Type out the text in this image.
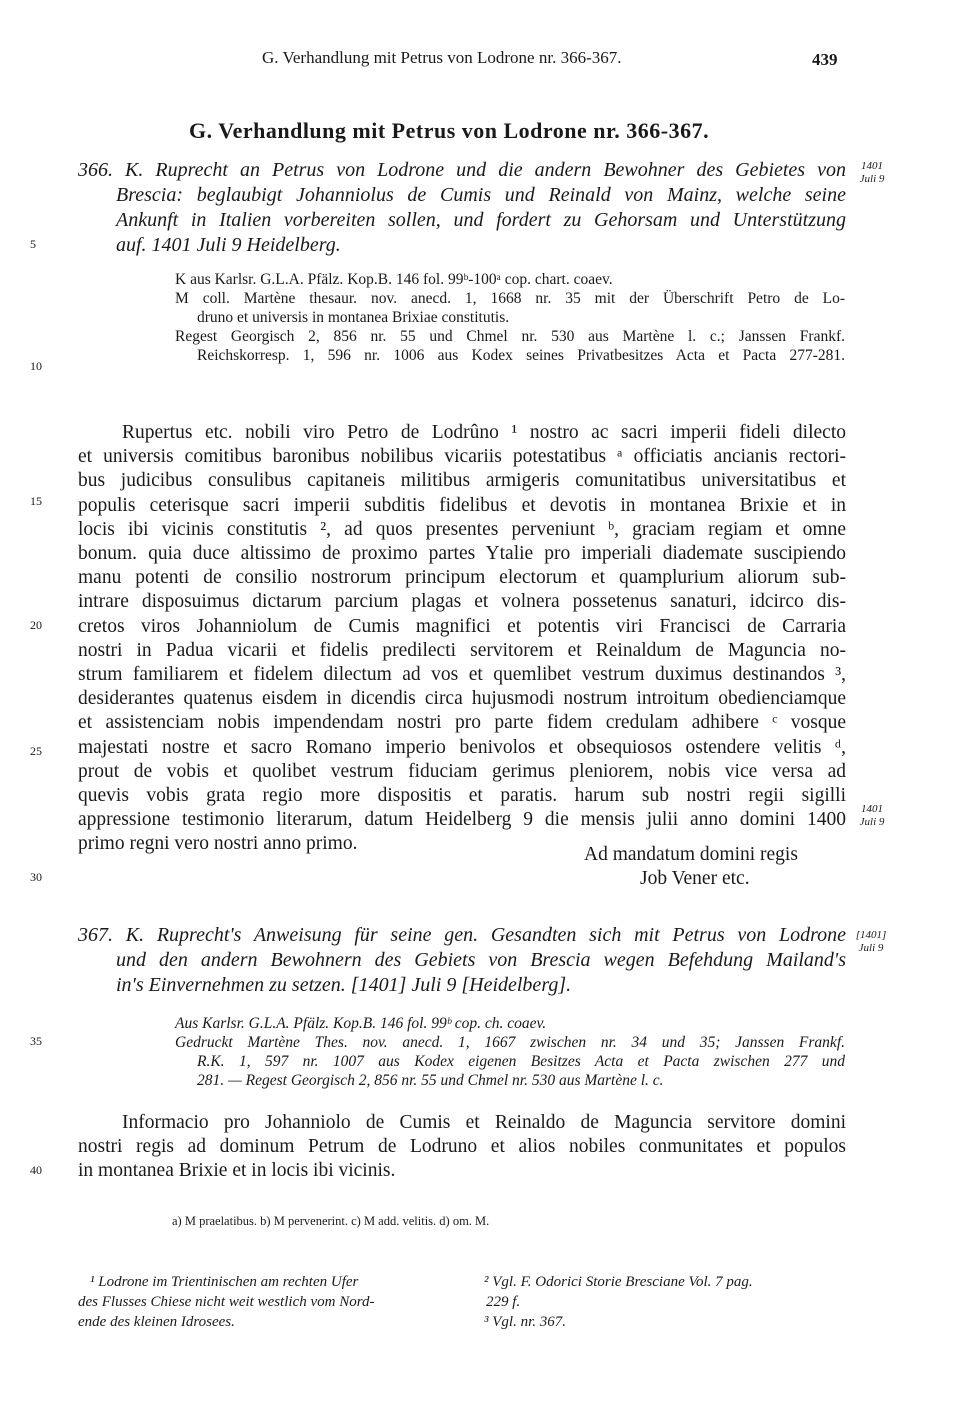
G. Verhandlung mit Petrus von Lodrone nr. 366-367.	439
G. Verhandlung mit Petrus von Lodrone nr. 366-367.
366. K. Ruprecht an Petrus von Lodrone und die andern Bewohner des Gebietes von
Brescia: beglaubigt Johanniolus de Cumis und Reinald von Mainz, welche seine
Ankunft in Italien vorbereiten sollen, und fordert zu Gehorsam und Unterstützung
auf. 1401 Juli 9 Heidelberg.
1401
Juli 9
K aus Karlsr. G.L.A. Pfälz. Kop.B. 146 fol. 99ᵇ-100ᵃ cop. chart. coaev.
M coll. Martène thesaur. nov. anecd. 1, 1668 nr. 35 mit der Überschrift Petro de Lo-
druno et universis in montanea Brixiae constitutis.
Regest Georgisch 2, 856 nr. 55 und Chmel nr. 530 aus Martène l. c.; Janssen Frankf.
Reichskorresp. 1, 596 nr. 1006 aus Kodex seines Privatbesitzes Acta et Pacta 277-281.
Rupertus etc. nobili viro Petro de Lodrûno ¹ nostro ac sacri imperii fideli dilecto
et universis comitibus baronibus nobilibus vicariis potestatibus ᵃ officiatis ancianis rectori-
bus judicibus consulibus capitaneis militibus armigeris comunitatibus universitatibus et
populis ceterisque sacri imperii subditis fidelibus et devotis in montanea Brixie et in
locis ibi vicinis constitutis ², ad quos presentes perveniunt ᵇ, graciam regiam et omne
bonum. quia duce altissimo de proximo partes Ytalie pro imperiali diademate suscipiendo
manu potenti de consilio nostrorum principum electorum et quamplurium aliorum sub-
intrare disposuimus dictarum parcium plagas et volnera possetenus sanaturi, idcirco dis-
cretos viros Johanniolum de Cumis magnifici et potentis viri Francisci de Carraria
nostri in Padua vicarii et fidelis predilecti servitorem et Reinaldum de Maguncia no-
strum familiarem et fidelem dilectum ad vos et quemlibet vestrum duximus destinandos ³,
desiderantes quatenus eisdem in dicendis circa hujusmodi nostrum introitum obedienciamque
et assistenciam nobis impendendam nostri pro parte fidem credulam adhibere ᶜ vosque
majestati nostre et sacro Romano imperio benivolos et obsequiosos ostendere velitis ᵈ,
prout de vobis et quolibet vestrum fiduciam gerimus pleniorem, nobis vice versa ad
quevis vobis grata regio more dispositis et paratis. harum sub nostri regii sigilli
appressione testimonio literarum, datum Heidelberg 9 die mensis julii anno domini 1400
primo regni vero nostri anno primo.
1401
Juli 9
Ad mandatum domini regis
Job Vener etc.
367. K. Ruprecht's Anweisung für seine gen. Gesandten sich mit Petrus von Lodrone
und den andern Bewohnern des Gebiets von Brescia wegen Befehdung Mailand's
in's Einvernehmen zu setzen. [1401] Juli 9 [Heidelberg].
[1401]
Juli 9
Aus Karlsr. G.L.A. Pfälz. Kop.B. 146 fol. 99ᵇ cop. ch. coaev.
Gedruckt Martène Thes. nov. anecd. 1, 1667 zwischen nr. 34 und 35; Janssen Frankf.
R.K. 1, 597 nr. 1007 aus Kodex eigenen Besitzes Acta et Pacta zwischen 277 und
281. — Regest Georgisch 2, 856 nr. 55 und Chmel nr. 530 aus Martène l. c.
Informacio pro Johanniolo de Cumis et Reinaldo de Maguncia servitore domini
nostri regis ad dominum Petrum de Lodruno et alios nobiles conmunitates et populos
in montanea Brixie et in locis ibi vicinis.
a) M praelatibus. b) M pervenerint. c) M add. velitis. d) om. M.
¹ Lodrone im Trientinischen am rechten Ufer
des Flusses Chiese nicht weit westlich vom Nord-
ende des kleinen Idrosees.
² Vgl. F. Odorici Storie Bresciane Vol. 7 pag.
229 f.
³ Vgl. nr. 367.
5
10
15
20
25
30
35
40
